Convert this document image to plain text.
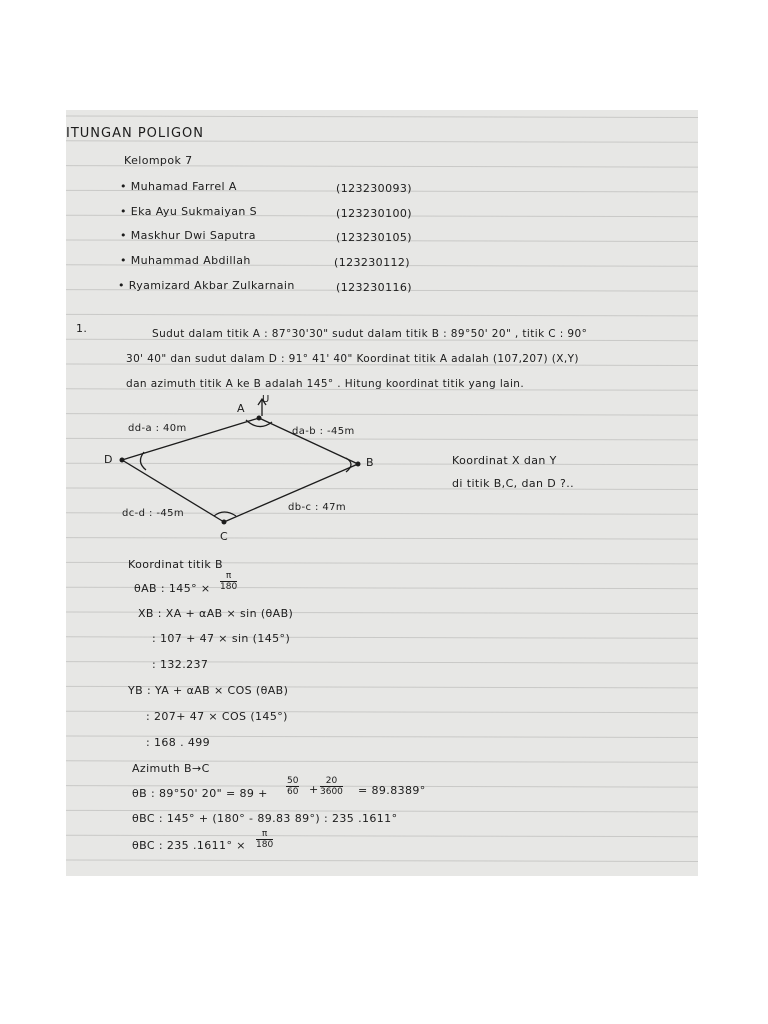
ITUNGAN POLIGON
Kelompok 7
• Muhamad Farrel A	(123230093)
• Eka Ayu Sukmaiyan S	(123230100)
• Maskhur Dwi Saputra	(123230105)
• Muhammad Abdillah	(123230112)
• Ryamizard Akbar Zulkarnain	(123230116)
1.	Sudut dalam titik A : 87°30'30" sudut dalam titik B : 89°50' 20" , titik C : 90°
30' 40" dan sudut dalam D : 91° 41' 40" Koordinat titik A adalah (107,207) (X,Y)
dan azimuth titik A ke B adalah 145° . Hitung koordinat titik yang lain.
A
U
B
C
D
dd-a : 40m	da-b : -45m
db-c : 47m
dc-d : -45m
Koordinat X dan Y
di titik B,C, dan D ?..
Koordinat titik B
θAB : $145^\circ \times \frac{\pi}{180}$
XB : XA + αAB × sin (θAB)
: 107 + 47 × sin (145°)
: 132.237
YB : YA + αAB × COS (θAB)
: 207+ 47 × COS (145°)
: 168 . 499
Azimuth B→C
θB : 89°50' 20" = $89 + \frac{50}{60} + \frac{20}{3600} = 89.8389^\circ$
θBC : 145° + (180° - 89.83 89°) : 235 .1611°
θBC : 235 $.1611^\circ \times \frac{\pi}{180}$
